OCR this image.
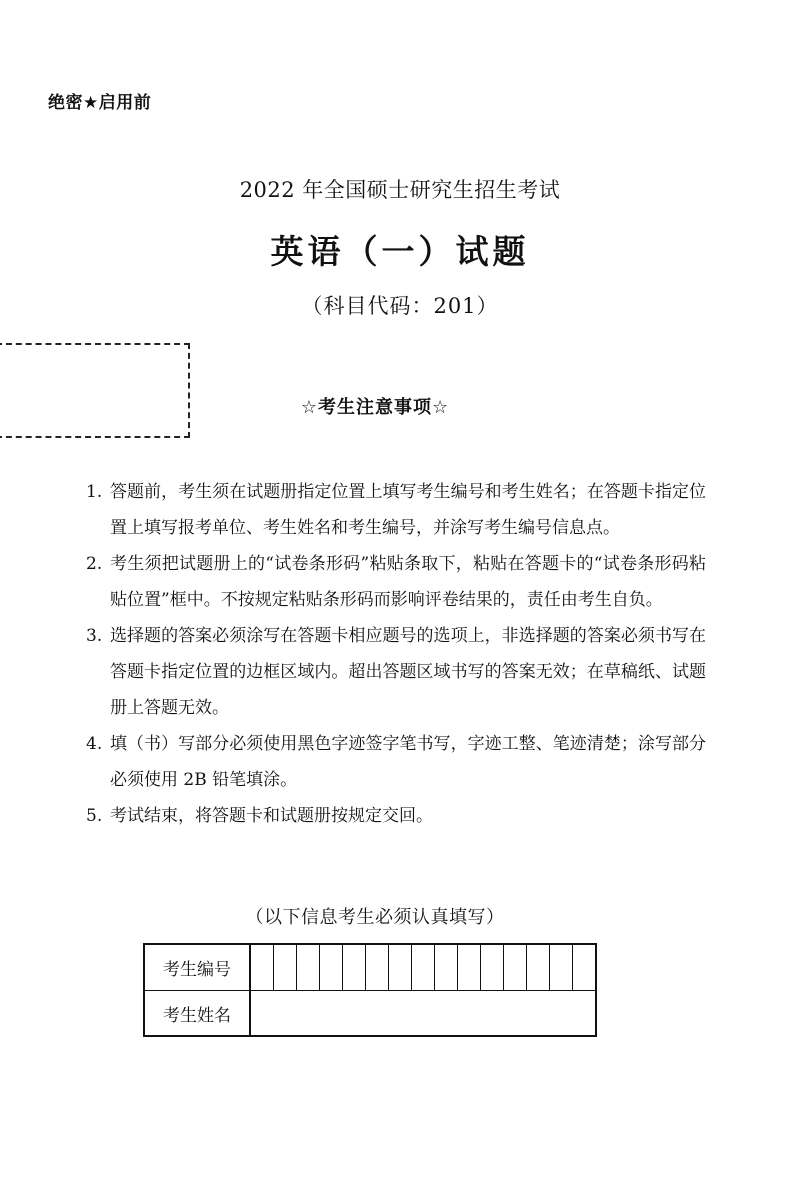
绝密★启用前
2022 年全国硕士研究生招生考试
英语（一）试题
（科目代码：201）
☆考生注意事项☆
1. 答题前，考生须在试题册指定位置上填写考生编号和考生姓名；在答题卡指定位置上填写报考单位、考生姓名和考生编号，并涂写考生编号信息点。
2. 考生须把试题册上的“试卷条形码”粘贴条取下，粘贴在答题卡的“试卷条形码粘贴位置”框中。不按规定粘贴条形码而影响评卷结果的，责任由考生自负。
3. 选择题的答案必须涂写在答题卡相应题号的选项上，非选择题的答案必须书写在答题卡指定位置的边框区域内。超出答题区域书写的答案无效；在草稿纸、试题册上答题无效。
4. 填（书）写部分必须使用黑色字迹签字笔书写，字迹工整、笔迹清楚；涂写部分必须使用 2B 铅笔填涂。
5. 考试结束，将答题卡和试题册按规定交回。
（以下信息考生必须认真填写）
考生编号															
考生姓名															
